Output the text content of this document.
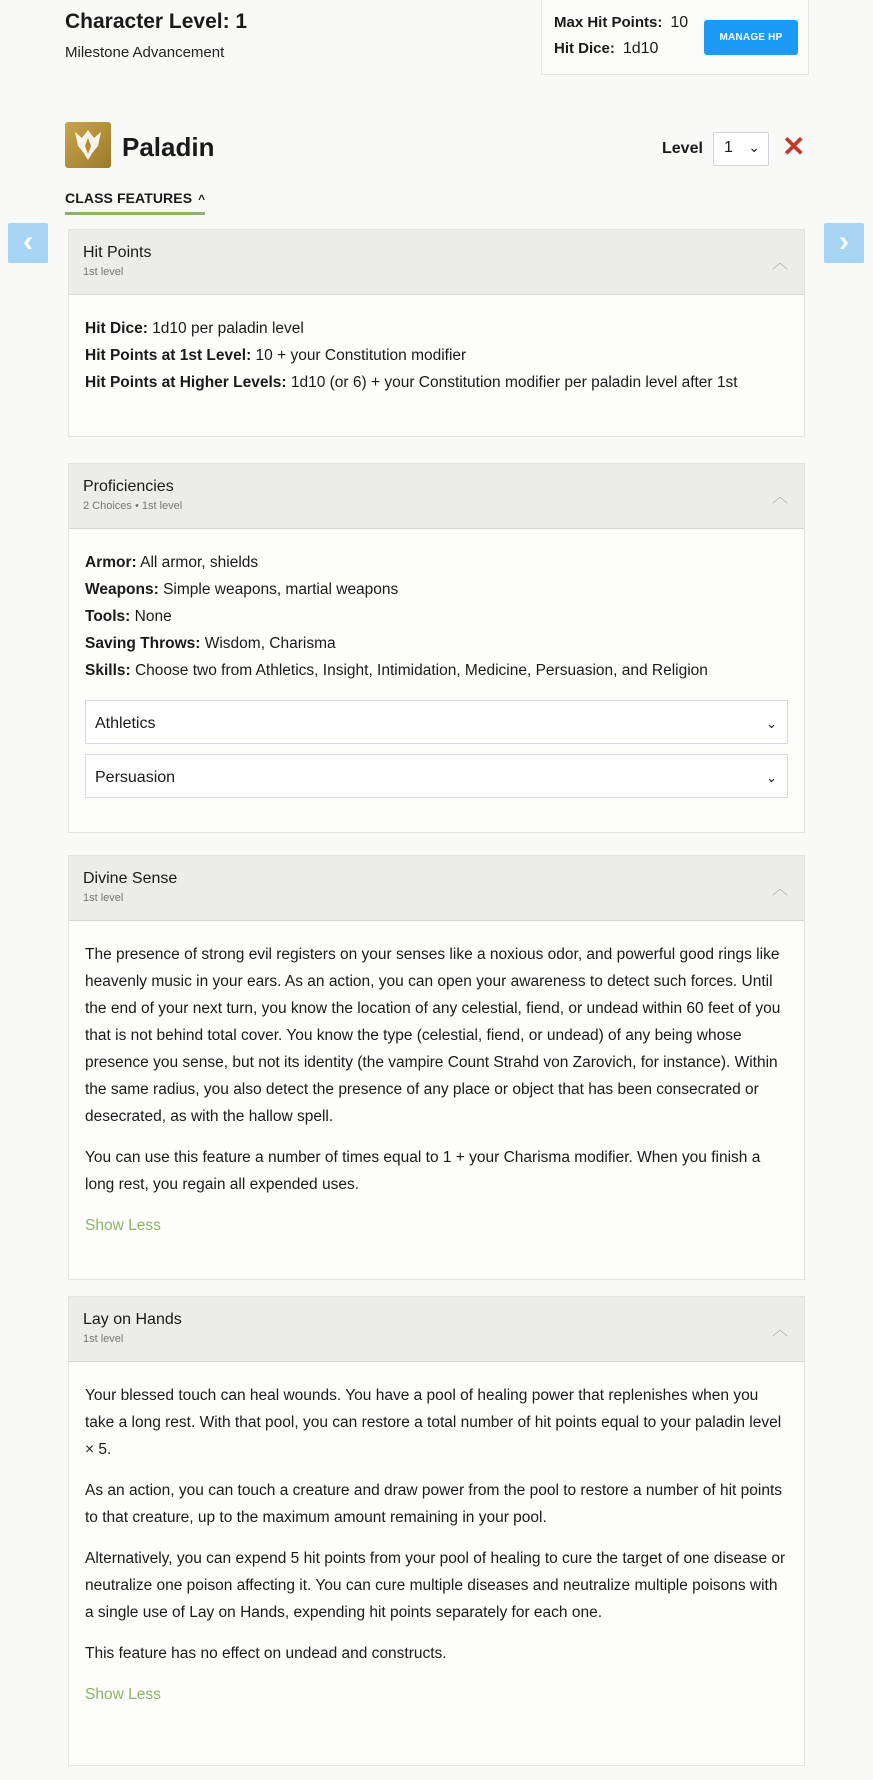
Character Level: 1
Milestone Advancement
Max Hit Points: 10
Hit Dice: 1d10
MANAGE HP
Paladin	Level	1 ⌄ ✕
CLASS FEATURES ^
‹	›
Hit Points
1st level	︿
Hit Dice: 1d10 per paladin level
Hit Points at 1st Level: 10 + your Constitution modifier
Hit Points at Higher Levels: 1d10 (or 6) + your Constitution modifier per paladin level after 1st
Proficiencies
2 Choices • 1st level	︿
Armor: All armor, shields
Weapons: Simple weapons, martial weapons
Tools: None
Saving Throws: Wisdom, Charisma
Skills: Choose two from Athletics, Insight, Intimidation, Medicine, Persuasion, and Religion
Athletics	⌄
Persuasion	⌄
Divine Sense
1st level	︿

The presence of strong evil registers on your senses like a noxious odor, and powerful good rings like heavenly music in your ears. As an action, you can open your awareness to detect such forces. Until the end of your next turn, you know the location of any celestial, fiend, or undead within 60 feet of you that is not behind total cover. You know the type (celestial, fiend, or undead) of any being whose presence you sense, but not its identity (the vampire Count Strahd von Zarovich, for instance). Within the same radius, you also detect the presence of any place or object that has been consecrated or desecrated, as with the hallow spell.

You can use this feature a number of times equal to 1 + your Charisma modifier. When you finish a long rest, you regain all expended uses.

Show Less
Lay on Hands
1st level	︿

Your blessed touch can heal wounds. You have a pool of healing power that replenishes when you take a long rest. With that pool, you can restore a total number of hit points equal to your paladin level × 5.

As an action, you can touch a creature and draw power from the pool to restore a number of hit points to that creature, up to the maximum amount remaining in your pool.

Alternatively, you can expend 5 hit points from your pool of healing to cure the target of one disease or neutralize one poison affecting it. You can cure multiple diseases and neutralize multiple poisons with a single use of Lay on Hands, expending hit points separately for each one.

This feature has no effect on undead and constructs.

Show Less
